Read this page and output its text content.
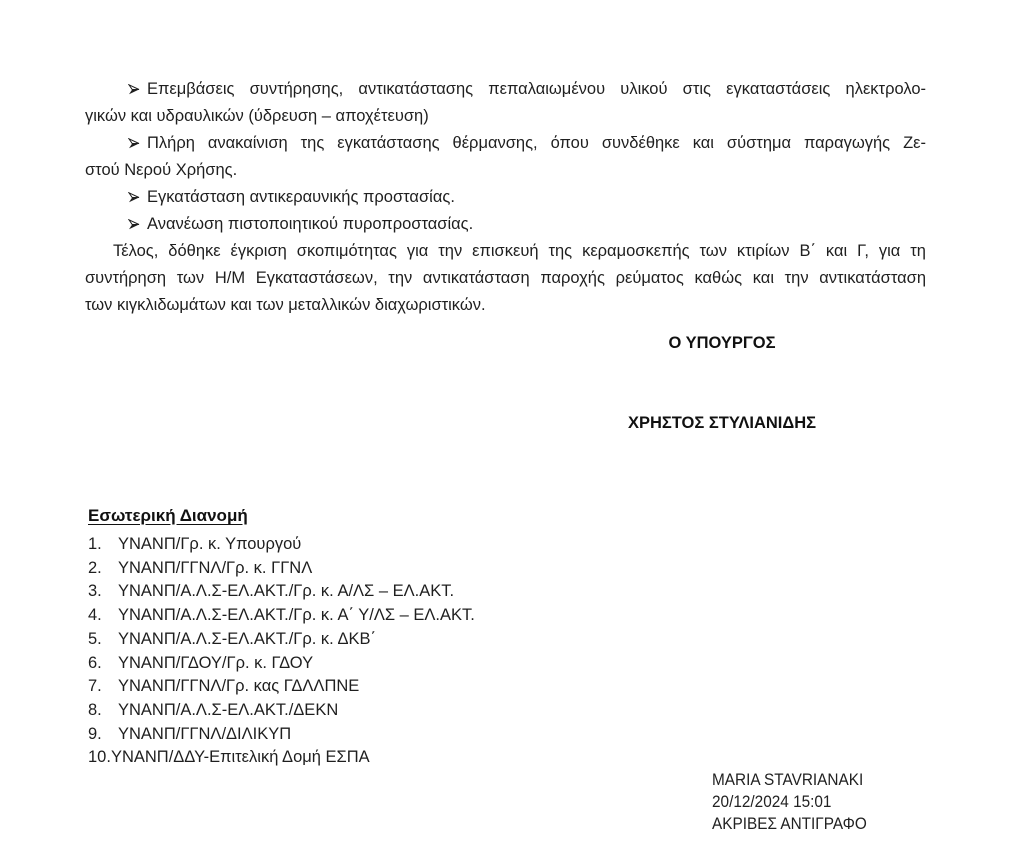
Επεμβάσεις συντήρησης, αντικατάστασης πεπαλαιωμένου υλικού στις εγκαταστάσεις ηλεκτρολο-
γικών και υδραυλικών (ύδρευση – αποχέτευση)
Πλήρη ανακαίνιση της εγκατάστασης θέρμανσης, όπου συνδέθηκε και σύστημα παραγωγής Ζε-
στού Νερού Χρήσης.
Εγκατάσταση αντικεραυνικής προστασίας.
Ανανέωση πιστοποιητικού πυροπροστασίας.
Τέλος, δόθηκε έγκριση σκοπιμότητας για την επισκευή της κεραμοσκεπής των κτιρίων Β΄ και Γ, για τη
συντήρηση των Η/Μ Εγκαταστάσεων, την αντικατάσταση παροχής ρεύματος καθώς και την αντικατάσταση
των κιγκλιδωμάτων και των μεταλλικών διαχωριστικών.
Ο ΥΠΟΥΡΓΟΣ
ΧΡΗΣΤΟΣ ΣΤΥΛΙΑΝΙΔΗΣ
Εσωτερική Διανομή
1. ΥΝΑΝΠ/Γρ. κ. Υπουργού
2. ΥΝΑΝΠ/ΓΓΝΛ/Γρ. κ. ΓΓΝΛ
3. ΥΝΑΝΠ/Α.Λ.Σ-ΕΛ.ΑΚΤ./Γρ. κ. Α/ΛΣ – ΕΛ.ΑΚΤ.
4. ΥΝΑΝΠ/Α.Λ.Σ-ΕΛ.ΑΚΤ./Γρ. κ. Α΄ Υ/ΛΣ – ΕΛ.ΑΚΤ.
5. ΥΝΑΝΠ/Α.Λ.Σ-ΕΛ.ΑΚΤ./Γρ. κ. ΔΚΒ΄
6. ΥΝΑΝΠ/ΓΔΟΥ/Γρ. κ. ΓΔΟΥ
7. ΥΝΑΝΠ/ΓΓΝΛ/Γρ. κας ΓΔΛΛΠΝΕ
8. ΥΝΑΝΠ/Α.Λ.Σ-ΕΛ.ΑΚΤ./ΔΕΚΝ
9. ΥΝΑΝΠ/ΓΓΝΛ/ΔΙΛΙΚΥΠ
10.ΥΝΑΝΠ/ΔΔΥ-Επιτελική Δομή ΕΣΠΑ
MARIA STAVRIANAKI
20/12/2024 15:01
ΑΚΡΙΒΕΣ ΑΝΤΙΓΡΑΦΟ
